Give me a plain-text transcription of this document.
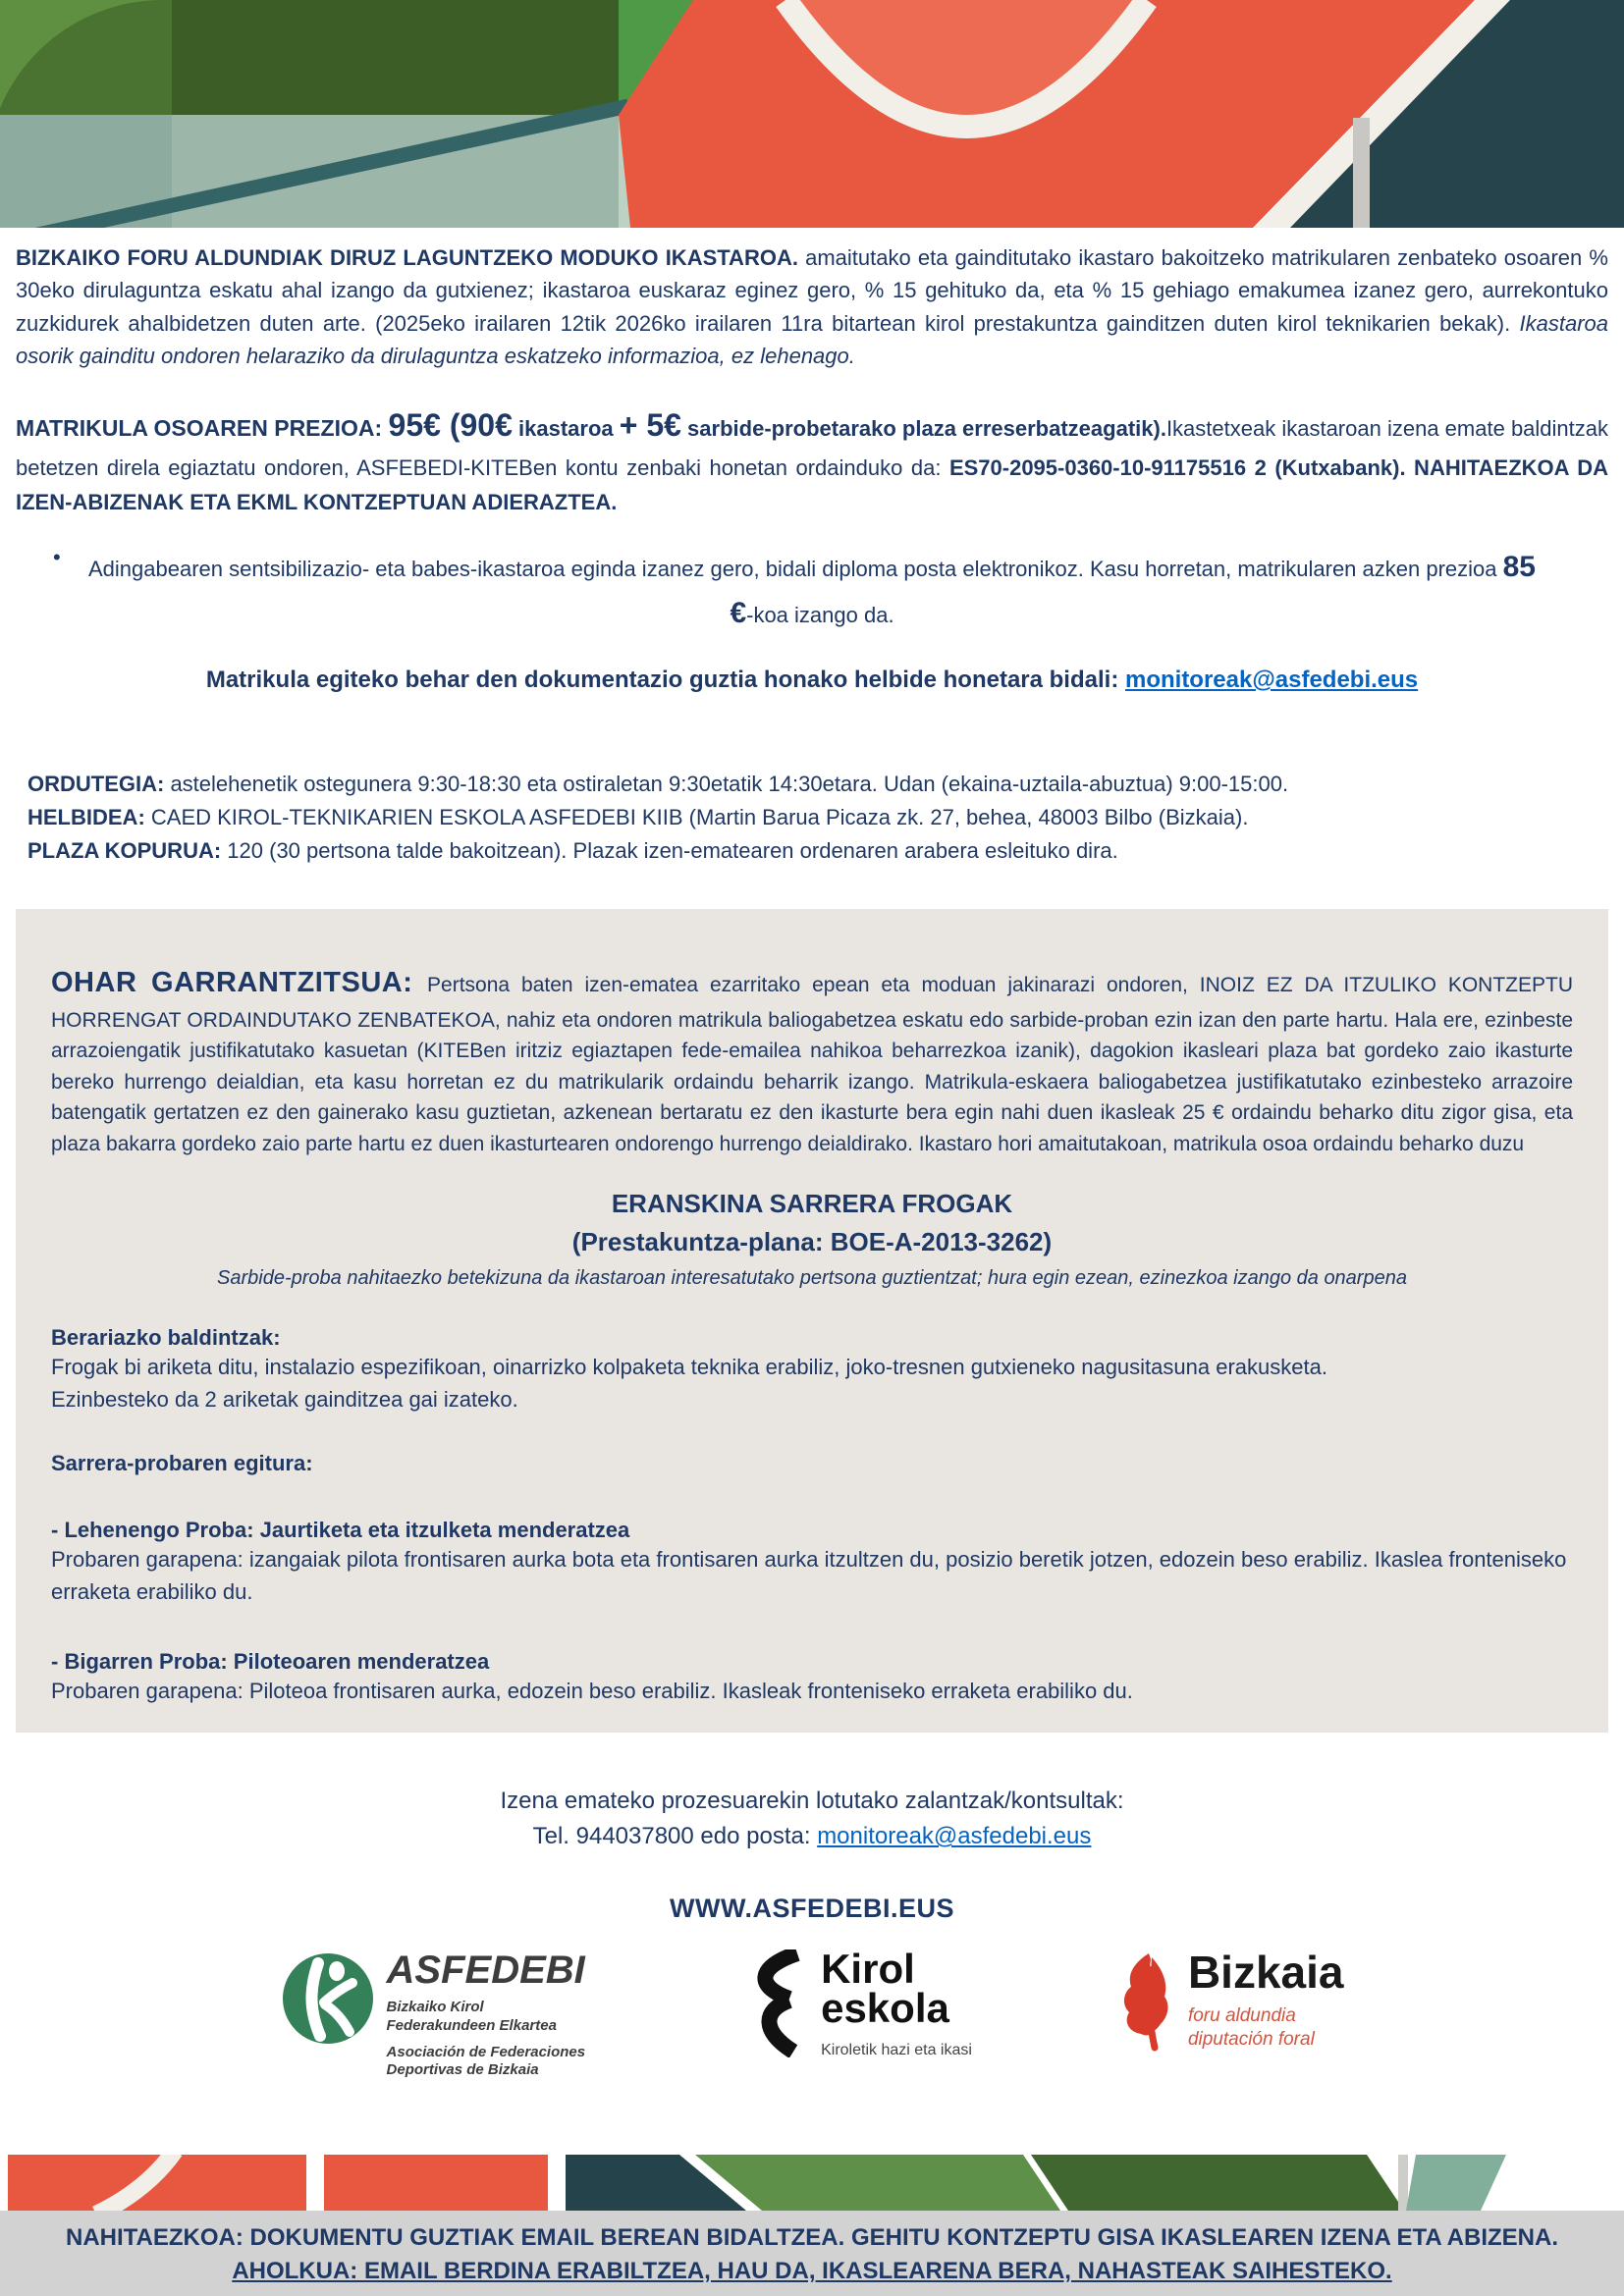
BIZKAIKO FORU ALDUNDIAK DIRUZ LAGUNTZEKO MODUKO IKASTAROA. amaitutako eta gainditutako ikastaro bakoitzeko matrikularen zenbateko osoaren % 30eko dirulaguntza eskatu ahal izango da gutxienez; ikastaroa euskaraz eginez gero, % 15 gehituko da, eta % 15 gehiago emakumea izanez gero, aurrekontuko zuzkidurek ahalbidetzen duten arte. (2025eko irailaren 12tik 2026ko irailaren 11ra bitartean kirol prestakuntza gainditzen duten kirol teknikarien bekak). Ikastaroa osorik gainditu ondoren helaraziko da dirulaguntza eskatzeko informazioa, ez lehenago.

MATRIKULA OSOAREN PREZIOA: 95€ (90€ ikastaroa + 5€ sarbide-probetarako plaza erreserbatzeagatik).Ikastetxeak ikastaroan izena emate baldintzak betetzen direla egiaztatu ondoren, ASFEBEDI-KITEBen kontu zenbaki honetan ordainduko da: ES70-2095-0360-10-91175516 2 (Kutxabank). NAHITAEZKOA DA IZEN-ABIZENAK ETA EKML KONTZEPTUAN ADIERAZTEA.

•	Adingabearen sentsibilizazio- eta babes-ikastaroa eginda izanez gero, bidali diploma posta elektronikoz. Kasu horretan, matrikularen azken prezioa 85 €-koa izango da.

Matrikula egiteko behar den dokumentazio guztia honako helbide honetara bidali: monitoreak@asfedebi.eus

ORDUTEGIA: astelehenetik ostegunera 9:30-18:30 eta ostiraletan 9:30etatik 14:30etara. Udan (ekaina-uztaila-abuztua) 9:00-15:00.

HELBIDEA: CAED KIROL-TEKNIKARIEN ESKOLA ASFEDEBI KIIB (Martin Barua Picaza zk. 27, behea, 48003 Bilbo (Bizkaia).

PLAZA KOPURUA: 120 (30 pertsona talde bakoitzean). Plazak izen-ematearen ordenaren arabera esleituko dira.

OHAR GARRANTZITSUA: Pertsona baten izen-ematea ezarritako epean eta moduan jakinarazi ondoren, INOIZ EZ DA ITZULIKO KONTZEPTU HORRENGAT ORDAINDUTAKO ZENBATEKOA, nahiz eta ondoren matrikula baliogabetzea eskatu edo sarbide-proban ezin izan den parte hartu. Hala ere, ezinbeste arrazoiengatik justifikatutako kasuetan (KITEBen iritziz egiaztapen fede-emailea nahikoa beharrezkoa izanik), dagokion ikasleari plaza bat gordeko zaio ikasturte bereko hurrengo deialdian, eta kasu horretan ez du matrikularik ordaindu beharrik izango. Matrikula-eskaera baliogabetzea justifikatutako ezinbesteko arrazoire batengatik gertatzen ez den gainerako kasu guztietan, azkenean bertaratu ez den ikasturte bera egin nahi duen ikasleak 25 € ordaindu beharko ditu zigor gisa, eta plaza bakarra gordeko zaio parte hartu ez duen ikasturtearen ondorengo hurrengo deialdirako. Ikastaro hori amaitutakoan, matrikula osoa ordaindu beharko duzu

ERANSKINA SARRERA FROGAK

(Prestakuntza-plana: BOE-A-2013-3262)

Sarbide-proba nahitaezko betekizuna da ikastaroan interesatutako pertsona guztientzat; hura egin ezean, ezinezkoa izango da onarpena

Berariazko baldintzak:

Frogak bi ariketa ditu, instalazio espezifikoan, oinarrizko kolpaketa teknika erabiliz, joko-tresnen gutxieneko nagusitasuna erakusketa.

Ezinbesteko da 2 ariketak gainditzea gai izateko.

Sarrera-probaren egitura:

- Lehenengo Proba: Jaurtiketa eta itzulketa menderatzea

Probaren garapena: izangaiak pilota frontisaren aurka bota eta frontisaren aurka itzultzen du, posizio beretik jotzen, edozein beso erabiliz. Ikaslea fronteniseko erraketa erabiliko du.

- Bigarren Proba: Piloteoaren menderatzea

Probaren garapena: Piloteoa frontisaren aurka, edozein beso erabiliz. Ikasleak fronteniseko erraketa erabiliko du.

Izena emateko prozesuarekin lotutako zalantzak/kontsultak:

Tel. 944037800 edo posta: monitoreak@asfedebi.eus

WWW.ASFEDEBI.EUS

ASFEDEBI
Bizkaiko Kirol
Federakundeen Elkartea
Asociación de Federaciones
Deportivas de Bizkaia
Kirol
eskola
Kiroletik hazi eta ikasi
Bizkaia
foru aldundia
diputación foral

NAHITAEZKOA: DOKUMENTU GUZTIAK EMAIL BEREAN BIDALTZEA. GEHITU KONTZEPTU GISA IKASLEAREN IZENA ETA ABIZENA.

AHOLKUA: EMAIL BERDINA ERABILTZEA, HAU DA, IKASLEARENA BERA, NAHASTEAK SAIHESTEKO.
